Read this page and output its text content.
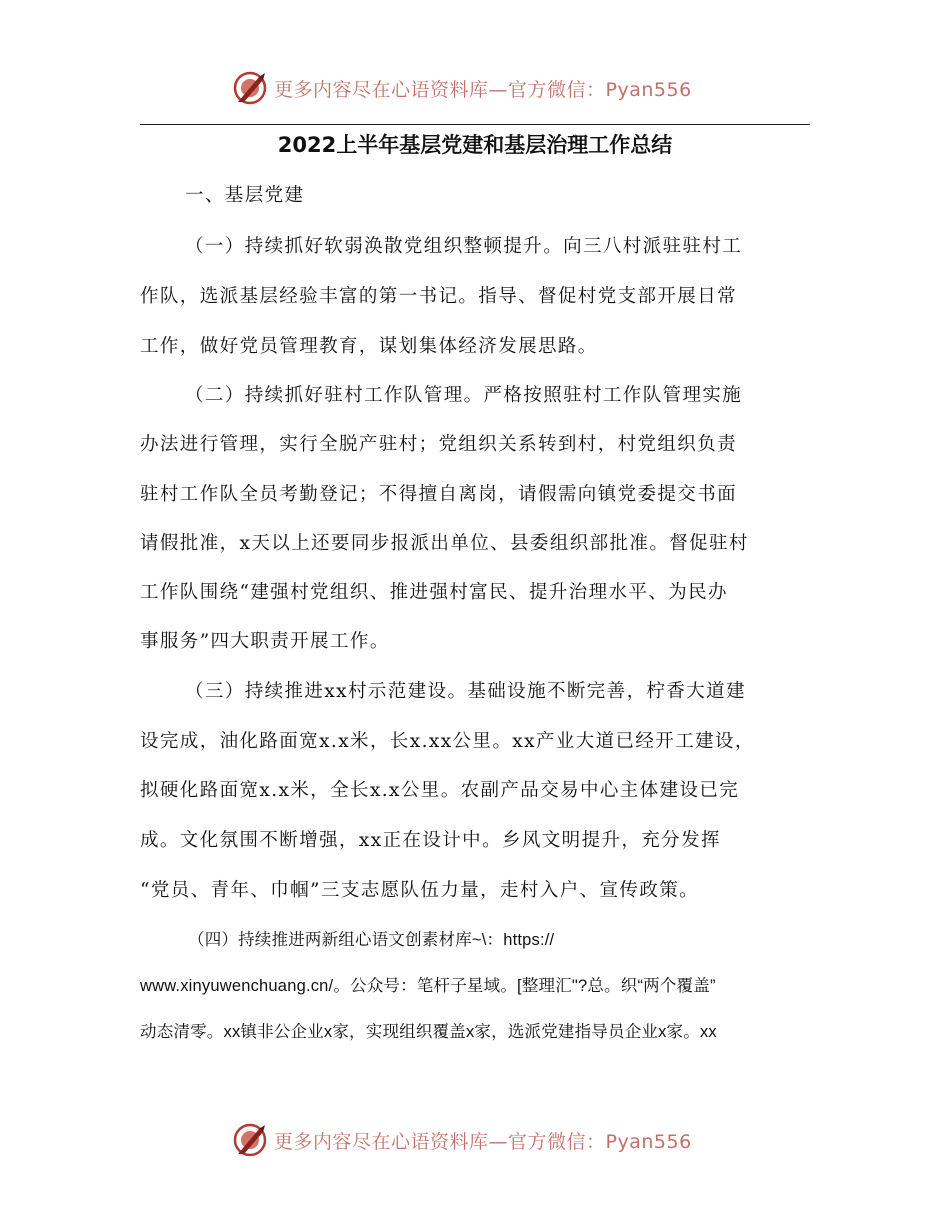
更多内容尽在心语资料库—官方微信：Pyan556
2022上半年基层党建和基层治理工作总结
一、基层党建
（一）持续抓好软弱涣散党组织整顿提升。向三八村派驻驻村工
作队，选派基层经验丰富的第一书记。指导、督促村党支部开展日常
工作，做好党员管理教育，谋划集体经济发展思路。
（二）持续抓好驻村工作队管理。严格按照驻村工作队管理实施
办法进行管理，实行全脱产驻村；党组织关系转到村，村党组织负责
驻村工作队全员考勤登记；不得擅自离岗，请假需向镇党委提交书面
请假批准，x天以上还要同步报派出单位、县委组织部批准。督促驻村
工作队围绕“建强村党组织、推进强村富民、提升治理水平、为民办
事服务”四大职责开展工作。
（三）持续推进xx村示范建设。基础设施不断完善，柠香大道建
设完成，油化路面宽x.x米，长x.xx公里。xx产业大道已经开工建设，
拟硬化路面宽x.x米，全长x.x公里。农副产品交易中心主体建设已完
成。文化氛围不断增强，xx正在设计中。乡风文明提升，充分发挥
“党员、青年、巾帼”三支志愿队伍力量，走村入户、宣传政策。
（四）持续推进两新组心语文创素材库~\：https://
www.xinyuwenchuang.cn/。公众号：笔杆子星域。[整理汇"?总。织“两个覆盖”
动态清零。xx镇非公企业x家，实现组织覆盖x家，选派党建指导员企业x家。xx
更多内容尽在心语资料库—官方微信：Pyan556
